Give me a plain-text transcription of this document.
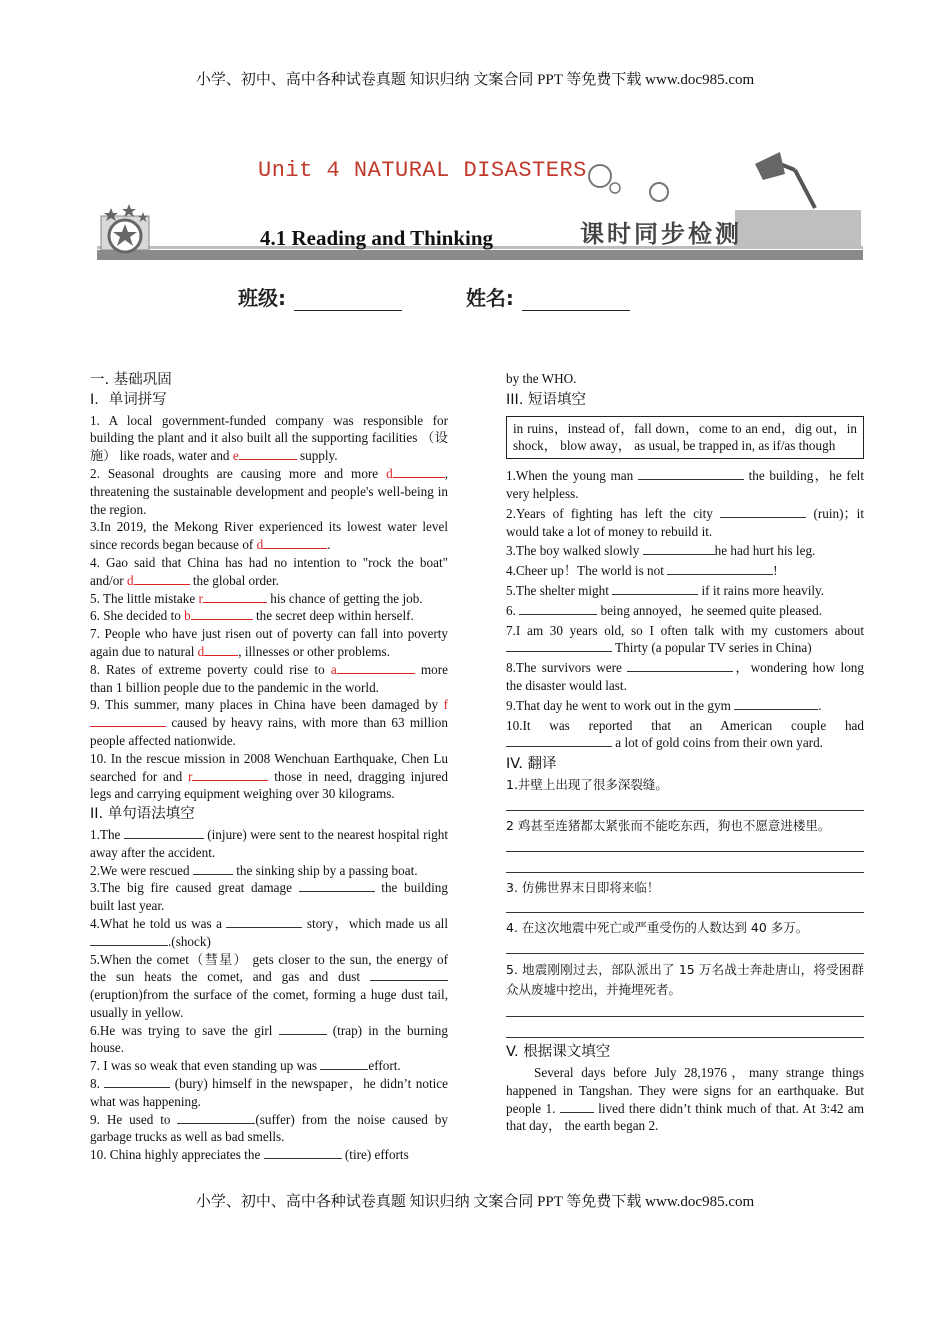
小学、初中、高中各种试卷真题 知识归纳 文案合同 PPT 等免费下载 www.doc985.com
Unit 4 NATURAL DISASTERS
4.1 Reading and Thinking	课时同步检测
班级:	姓名:
一. 基础巩固
I．单词拼写

1. A local government-funded company was responsible for building the plant and it also built all the supporting facilities （设施） like roads, water and e	supply.

2. Seasonal droughts are causing more and more d	, threatening the sustainable development and people's well-being in the region.

3.In 2019, the Mekong River experienced its lowest water level since records began because of d	.

4. Gao said that China has had no intention to "rock the boat" and/or d	the global order.

5. The little mistake r	his chance of getting the job.

6. She decided to b	the secret deep within herself.

7. People who have just risen out of poverty can fall into poverty again due to natural d	, illnesses or other problems.

8. Rates of extreme poverty could rise to a	more than 1 billion people due to the pandemic in the world.

9. This summer, many places in China have been damaged by f caused by heavy rains, with more than 63 million people affected nationwide.

10. In the rescue mission in 2008 Wenchuan Earthquake, Chen Lu searched for and r	those in need, dragging injured legs and carrying equipment weighing over 30 kilograms.

II. 单句语法填空

1.The	(injure) were sent to the nearest hospital right away after the accident.

2.We were rescued	the sinking ship by a passing boat.

3.The big fire caused great damage	the building built last year.

4.What he told us was a	story，which made us all.(shock)

5.When the comet（彗星） gets closer to the sun, the energy of the sun heats the comet, and gas and dust  (eruption)from the surface of the comet, forming a huge dust tail, usually in yellow.

6.He was trying to save the girl	(trap) in the burning house.

7. I was so weak that even standing up was	effort.

8.	(bury) himself in the newspaper，he didn’t notice what was happening.

9. He used to	(suffer) from the noise caused by garbage trucks as well as bad smells.

10. China highly appreciates the	(tire) efforts

by the WHO.

III. 短语填空
in ruins，instead of，fall down，come to an end，dig out，in shock， blow away， as usual, be trapped in, as if/as though

1.When the young man	the building，he felt very helpless.

2.Years of fighting has left the city	(ruin)；it would take a lot of money to rebuild it.

3.The boy walked slowly	he had hurt his leg.

4.Cheer up！The world is not	!

5.The shelter might	if it rains more heavily.

6.	being annoyed，he seemed quite pleased.

7.I am 30 years old, so I often talk with my customers about  Thirty (a popular TV series in China)

8.The survivors were	，wondering how long the disaster would last.

9.That day he went to work out in the gym	.

10.It was reported that an American couple had  a lot of gold coins from their own yard.

IV. 翻译

1.井壁上出现了很多深裂缝。

2 鸡甚至连猪都太紧张而不能吃东西，狗也不愿意进楼里。

3. 仿佛世界末日即将来临！

4. 在这次地震中死亡或严重受伤的人数达到 40 多万。

5. 地震刚刚过去，部队派出了 15 万名战士奔赴唐山，将受困群众从废墟中挖出，并掩埋死者。

V. 根据课文填空

Several days before July 28,1976，many strange things happened in Tangshan. They were signs for an earthquake. But people 1.	lived there didn’t think much of that. At 3:42 am that day， the earth began 2.

小学、初中、高中各种试卷真题 知识归纳 文案合同 PPT 等免费下载 www.doc985.com
